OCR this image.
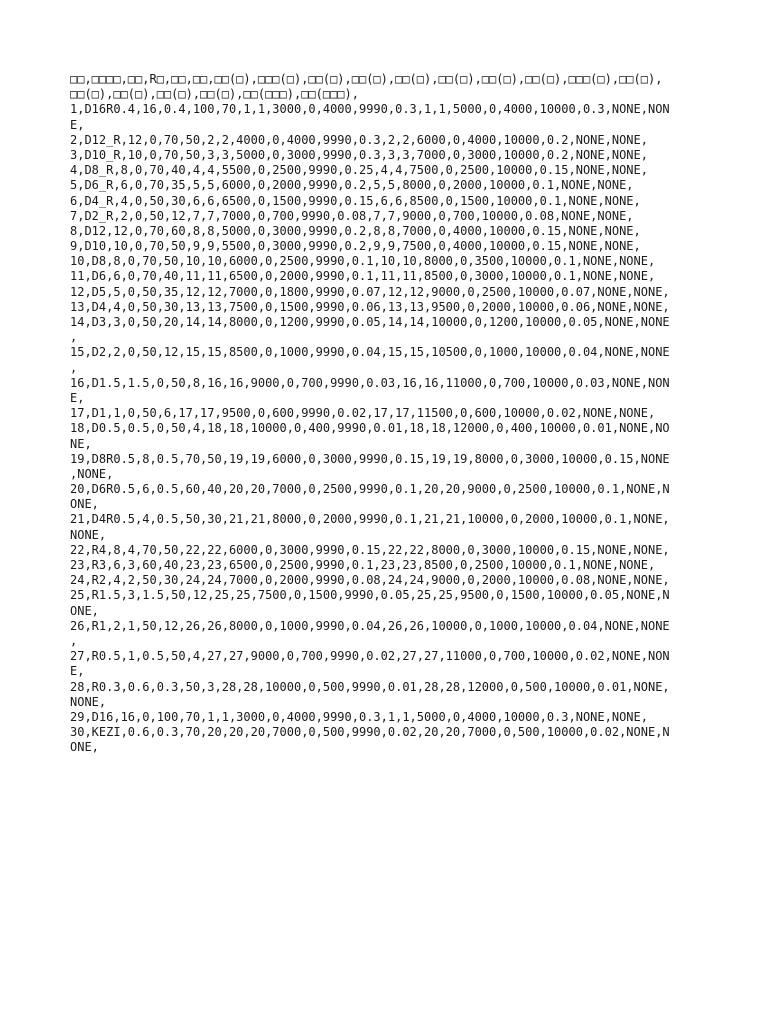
□□,□□□□,□□,R□,□□,□□,□□(□),□□□(□),□□(□),□□(□),□□(□),□□(□),□□(□),□□(□),□□□(□),□□(□),
□□(□),□□(□),□□(□),□□(□),□□(□□□),□□(□□□),
1,D16R0.4,16,0.4,100,70,1,1,3000,0,4000,9990,0.3,1,1,5000,0,4000,10000,0.3,NONE,NON
E,
2,D12_R,12,0,70,50,2,2,4000,0,4000,9990,0.3,2,2,6000,0,4000,10000,0.2,NONE,NONE,
3,D10_R,10,0,70,50,3,3,5000,0,3000,9990,0.3,3,3,7000,0,3000,10000,0.2,NONE,NONE,
4,D8_R,8,0,70,40,4,4,5500,0,2500,9990,0.25,4,4,7500,0,2500,10000,0.15,NONE,NONE,
5,D6_R,6,0,70,35,5,5,6000,0,2000,9990,0.2,5,5,8000,0,2000,10000,0.1,NONE,NONE,
6,D4_R,4,0,50,30,6,6,6500,0,1500,9990,0.15,6,6,8500,0,1500,10000,0.1,NONE,NONE,
7,D2_R,2,0,50,12,7,7,7000,0,700,9990,0.08,7,7,9000,0,700,10000,0.08,NONE,NONE,
8,D12,12,0,70,60,8,8,5000,0,3000,9990,0.2,8,8,7000,0,4000,10000,0.15,NONE,NONE,
9,D10,10,0,70,50,9,9,5500,0,3000,9990,0.2,9,9,7500,0,4000,10000,0.15,NONE,NONE,
10,D8,8,0,70,50,10,10,6000,0,2500,9990,0.1,10,10,8000,0,3500,10000,0.1,NONE,NONE,
11,D6,6,0,70,40,11,11,6500,0,2000,9990,0.1,11,11,8500,0,3000,10000,0.1,NONE,NONE,
12,D5,5,0,50,35,12,12,7000,0,1800,9990,0.07,12,12,9000,0,2500,10000,0.07,NONE,NONE,
13,D4,4,0,50,30,13,13,7500,0,1500,9990,0.06,13,13,9500,0,2000,10000,0.06,NONE,NONE,
14,D3,3,0,50,20,14,14,8000,0,1200,9990,0.05,14,14,10000,0,1200,10000,0.05,NONE,NONE
,
15,D2,2,0,50,12,15,15,8500,0,1000,9990,0.04,15,15,10500,0,1000,10000,0.04,NONE,NONE
,
16,D1.5,1.5,0,50,8,16,16,9000,0,700,9990,0.03,16,16,11000,0,700,10000,0.03,NONE,NON
E,
17,D1,1,0,50,6,17,17,9500,0,600,9990,0.02,17,17,11500,0,600,10000,0.02,NONE,NONE,
18,D0.5,0.5,0,50,4,18,18,10000,0,400,9990,0.01,18,18,12000,0,400,10000,0.01,NONE,NO
NE,
19,D8R0.5,8,0.5,70,50,19,19,6000,0,3000,9990,0.15,19,19,8000,0,3000,10000,0.15,NONE
,NONE,
20,D6R0.5,6,0.5,60,40,20,20,7000,0,2500,9990,0.1,20,20,9000,0,2500,10000,0.1,NONE,N
ONE,
21,D4R0.5,4,0.5,50,30,21,21,8000,0,2000,9990,0.1,21,21,10000,0,2000,10000,0.1,NONE,
NONE,
22,R4,8,4,70,50,22,22,6000,0,3000,9990,0.15,22,22,8000,0,3000,10000,0.15,NONE,NONE,
23,R3,6,3,60,40,23,23,6500,0,2500,9990,0.1,23,23,8500,0,2500,10000,0.1,NONE,NONE,
24,R2,4,2,50,30,24,24,7000,0,2000,9990,0.08,24,24,9000,0,2000,10000,0.08,NONE,NONE,
25,R1.5,3,1.5,50,12,25,25,7500,0,1500,9990,0.05,25,25,9500,0,1500,10000,0.05,NONE,N
ONE,
26,R1,2,1,50,12,26,26,8000,0,1000,9990,0.04,26,26,10000,0,1000,10000,0.04,NONE,NONE
,
27,R0.5,1,0.5,50,4,27,27,9000,0,700,9990,0.02,27,27,11000,0,700,10000,0.02,NONE,NON
E,
28,R0.3,0.6,0.3,50,3,28,28,10000,0,500,9990,0.01,28,28,12000,0,500,10000,0.01,NONE,
NONE,
29,D16,16,0,100,70,1,1,3000,0,4000,9990,0.3,1,1,5000,0,4000,10000,0.3,NONE,NONE,
30,KEZI,0.6,0.3,70,20,20,20,7000,0,500,9990,0.02,20,20,7000,0,500,10000,0.02,NONE,N
ONE,
